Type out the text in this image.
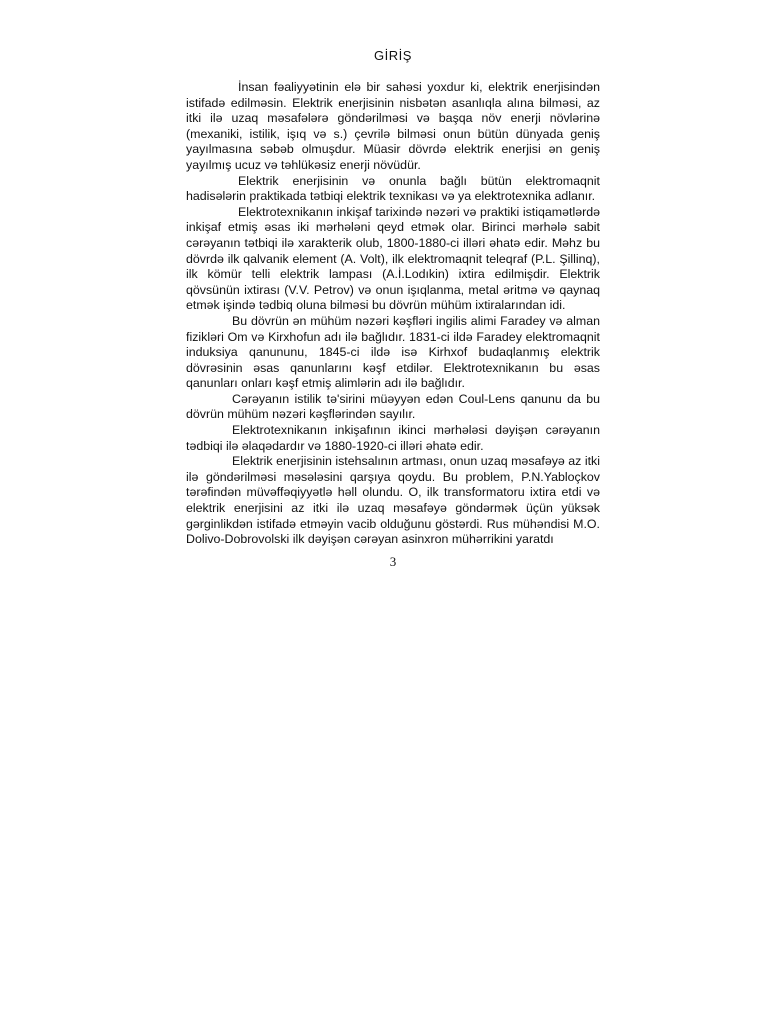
GİRİŞ

İnsan fəaliyyətinin elə bir sahəsi yoxdur ki, elektrik enerjisindən istifadə edilməsin. Elektrik enerjisinin nisbətən asanlıqla alına bilməsi, az itki ilə uzaq məsafələrə göndərilməsi və başqa növ enerji növlərinə (mexaniki, istilik, işıq və s.) çevrilə bilməsi onun bütün dünyada geniş yayılmasına səbəb olmuşdur. Müasir dövrdə elektrik enerjisi ən geniş yayılmış ucuz və təhlükəsiz enerji növüdür.

Elektrik enerjisinin və onunla bağlı bütün elektromaqnit hadisələrin praktikada tətbiqi elektrik texnikası və ya elektrotexnika adlanır.

Elektrotexnikanın inkişaf tarixində nəzəri və praktiki istiqamətlərdə inkişaf etmiş əsas iki mərhələni qeyd etmək olar. Birinci mərhələ sabit cərəyanın tətbiqi ilə xarakterik olub, 1800-1880-ci illəri əhatə edir. Məhz bu dövrdə ilk qalvanik element (A. Volt), ilk elektromaqnit teleqraf (P.L. Şillinq), ilk kömür telli elektrik lampası (A.İ.Lodıkin) ixtira edilmişdir. Elektrik qövsünün ixtirası (V.V. Petrov) və onun işıqlanma, metal əritmə və qaynaq etmək işində tədbiq oluna bilməsi bu dövrün mühüm ixtiralarından idi.

Bu dövrün ən mühüm nəzəri kəşfləri ingilis alimi Faradey və alman fizikləri Om və Kirxhofun adı ilə bağlıdır. 1831-ci ildə Faradey elektromaqnit induksiya qanununu, 1845-ci ildə isə Kirhxof budaqlanmış elektrik dövrəsinin əsas qanunlarını kəşf etdilər. Elektrotexnikanın bu əsas qanunları onları kəşf etmiş alimlərin adı ilə bağlıdır.

Cərəyanın istilik tə'sirini müəyyən edən Coul-Lens qanunu da bu dövrün mühüm nəzəri kəşflərindən sayılır.

Elektrotexnikanın inkişafının ikinci mərhələsi dəyişən cərəyanın tədbiqi ilə əlaqədardır və 1880-1920-ci illəri əhatə edir.

Elektrik enerjisinin istehsalının artması, onun uzaq məsafəyə az itki ilə göndərilməsi məsələsini qarşıya qoydu. Bu problem, P.N.Yabloçkov tərəfindən müvəffəqiyyətlə həll olundu. O, ilk transformatoru ixtira etdi və elektrik enerjisini az itki ilə uzaq məsafəyə göndərmək üçün yüksək gərginlikdən istifadə etməyin vacib olduğunu göstərdi. Rus mühəndisi M.O. Dolivo-Dobrovolski ilk dəyişən cərəyan asinxron mühərrikini yaratdı

3
